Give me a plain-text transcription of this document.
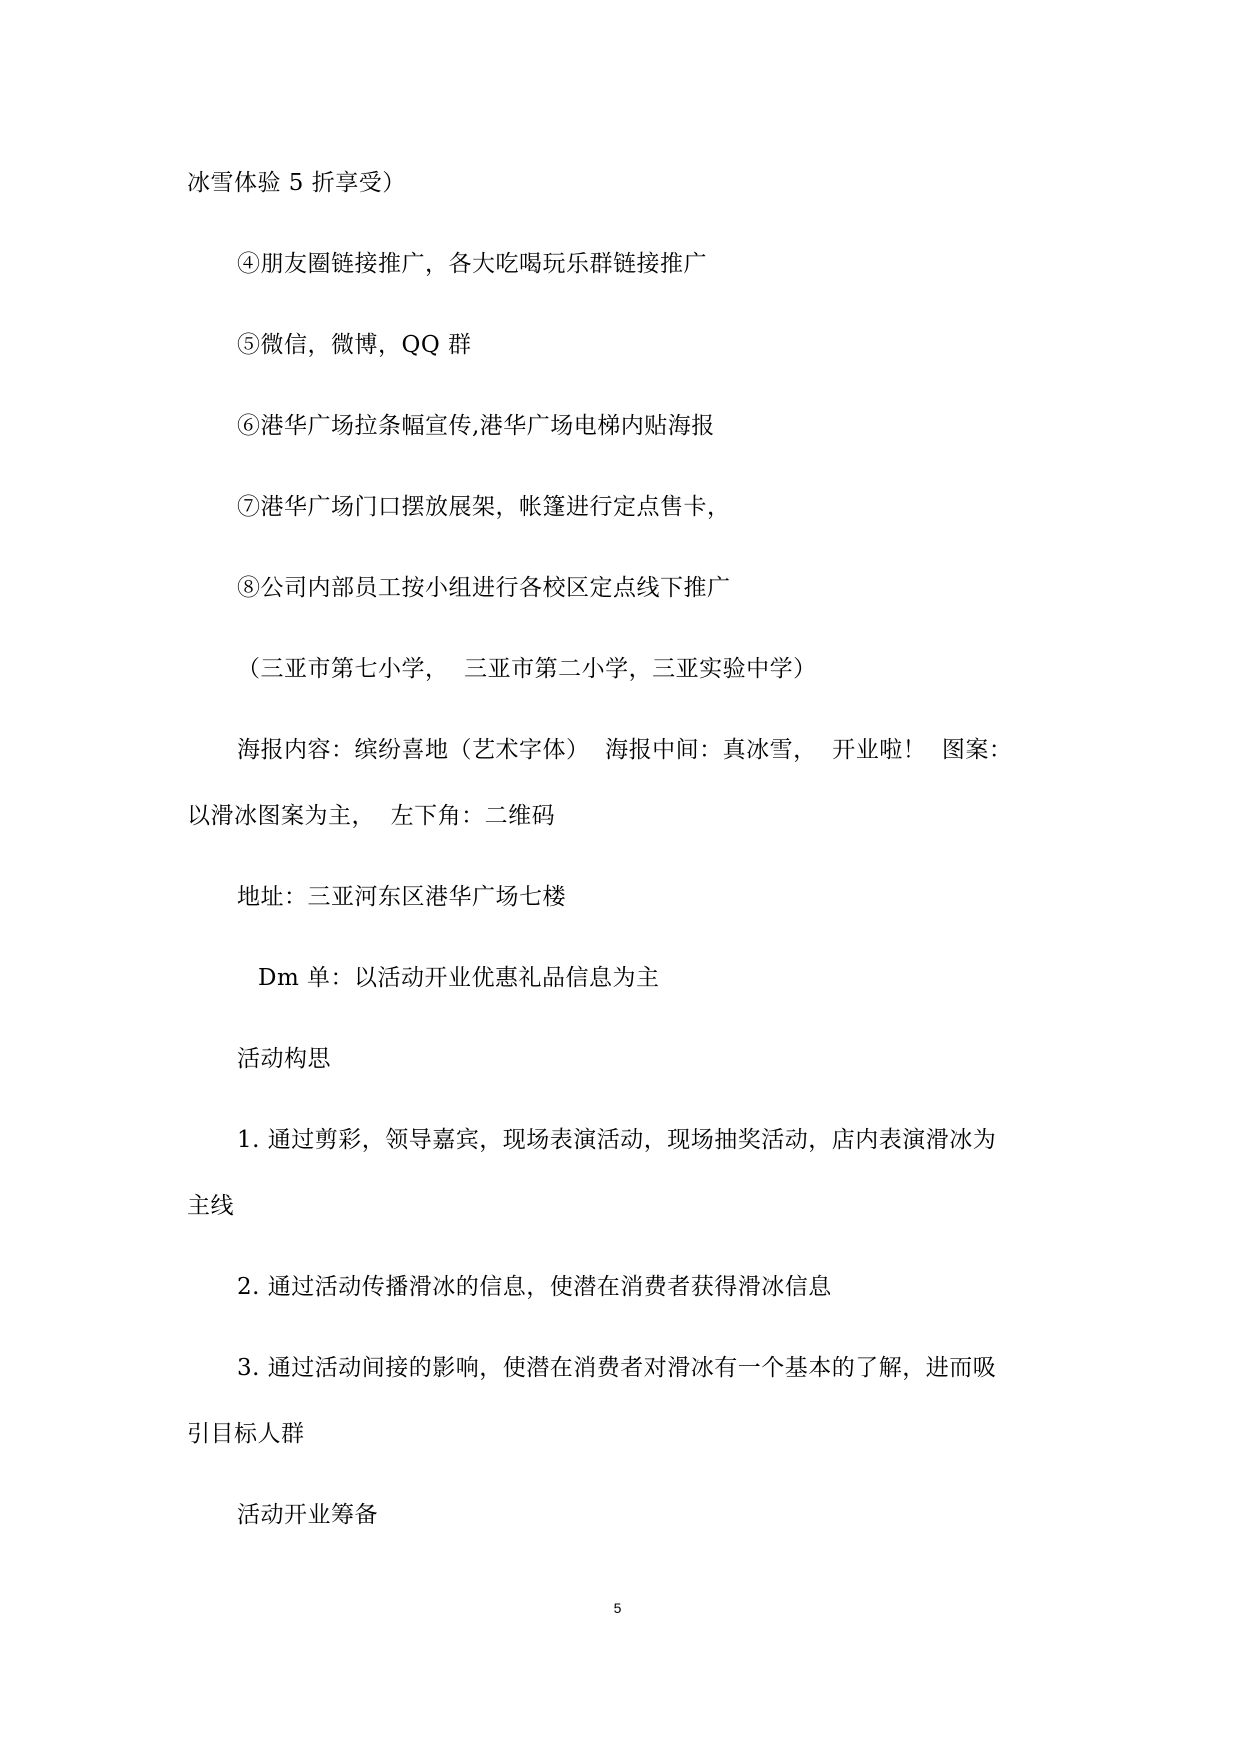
冰雪体验 5 折享受）
④朋友圈链接推广，各大吃喝玩乐群链接推广
⑤微信，微博，QQ 群
⑥港华广场拉条幅宣传,港华广场电梯内贴海报
⑦港华广场门口摆放展架，帐篷进行定点售卡，
⑧公司内部员工按小组进行各校区定点线下推广
（三亚市第七小学，  三亚市第二小学，三亚实验中学）
海报内容：缤纷喜地（艺术字体）  海报中间：真冰雪，  开业啦！  图案：
以滑冰图案为主，  左下角：二维码
地址：三亚河东区港华广场七楼
Dm 单：以活动开业优惠礼品信息为主
活动构思
1. 通过剪彩，领导嘉宾，现场表演活动，现场抽奖活动，店内表演滑冰为
主线
2. 通过活动传播滑冰的信息，使潜在消费者获得滑冰信息
3. 通过活动间接的影响，使潜在消费者对滑冰有一个基本的了解，进而吸
引目标人群
活动开业筹备
5
